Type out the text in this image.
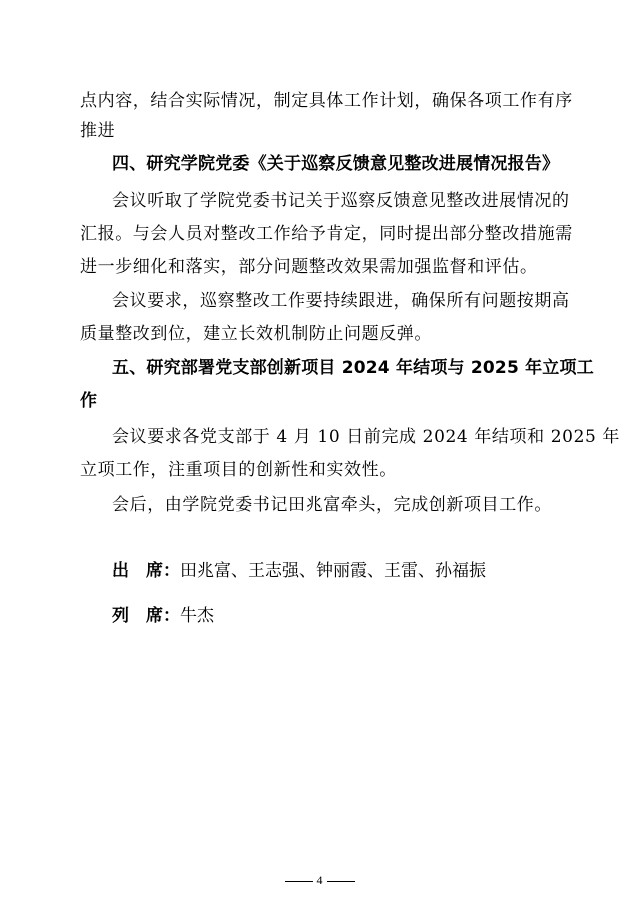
点内容，结合实际情况，制定具体工作计划，确保各项工作有序
推进
四、研究学院党委《关于巡察反馈意见整改进展情况报告》
会议听取了学院党委书记关于巡察反馈意见整改进展情况的
汇报。与会人员对整改工作给予肯定，同时提出部分整改措施需
进一步细化和落实，部分问题整改效果需加强监督和评估。
会议要求，巡察整改工作要持续跟进，确保所有问题按期高
质量整改到位，建立长效机制防止问题反弹。
五、研究部署党支部创新项目 2024 年结项与 2025 年立项工
作
会议要求各党支部于 4 月 10 日前完成 2024 年结项和 2025 年
立项工作，注重项目的创新性和实效性。
会后，由学院党委书记田兆富牵头，完成创新项目工作。
出　席：田兆富、王志强、钟丽霞、王雷、孙福振
列　席：牛杰
4
